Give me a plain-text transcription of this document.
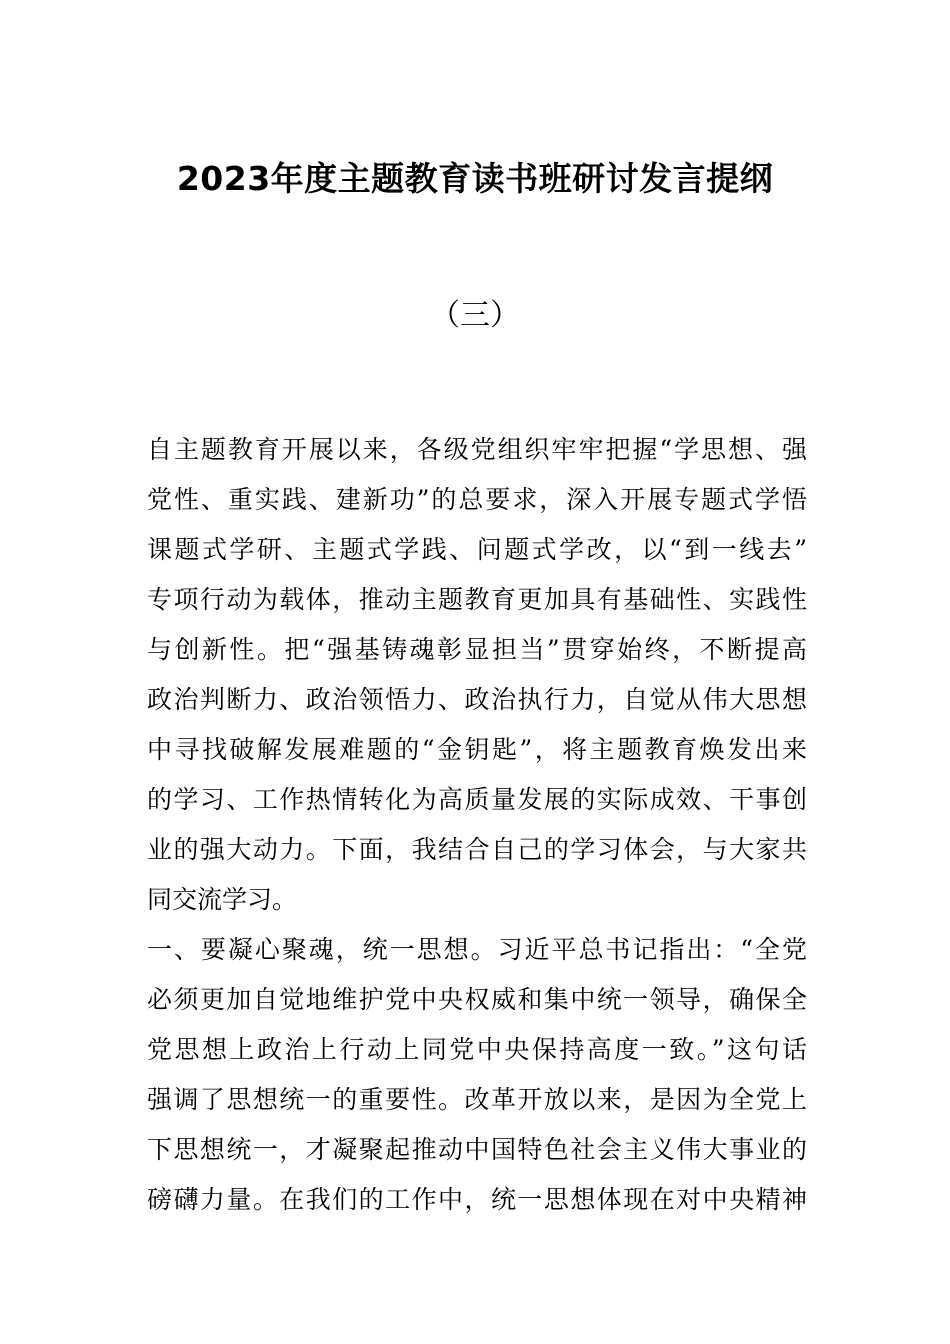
2023年度主题教育读书班研讨发言提纲
（三）
自主题教育开展以来，各级党组织牢牢把握“学思想、强
党性、重实践、建新功”的总要求，深入开展专题式学悟
课题式学研、主题式学践、问题式学改，以“到一线去”
专项行动为载体，推动主题教育更加具有基础性、实践性
与创新性。把“强基铸魂彰显担当”贯穿始终，不断提高
政治判断力、政治领悟力、政治执行力，自觉从伟大思想
中寻找破解发展难题的“金钥匙”，将主题教育焕发出来
的学习、工作热情转化为高质量发展的实际成效、干事创
业的强大动力。下面，我结合自己的学习体会，与大家共
同交流学习。
一、要凝心聚魂，统一思想。习近平总书记指出：“全党
必须更加自觉地维护党中央权威和集中统一领导，确保全
党思想上政治上行动上同党中央保持高度一致。”这句话
强调了思想统一的重要性。改革开放以来，是因为全党上
下思想统一，才凝聚起推动中国特色社会主义伟大事业的
磅礴力量。在我们的工作中，统一思想体现在对中央精神
